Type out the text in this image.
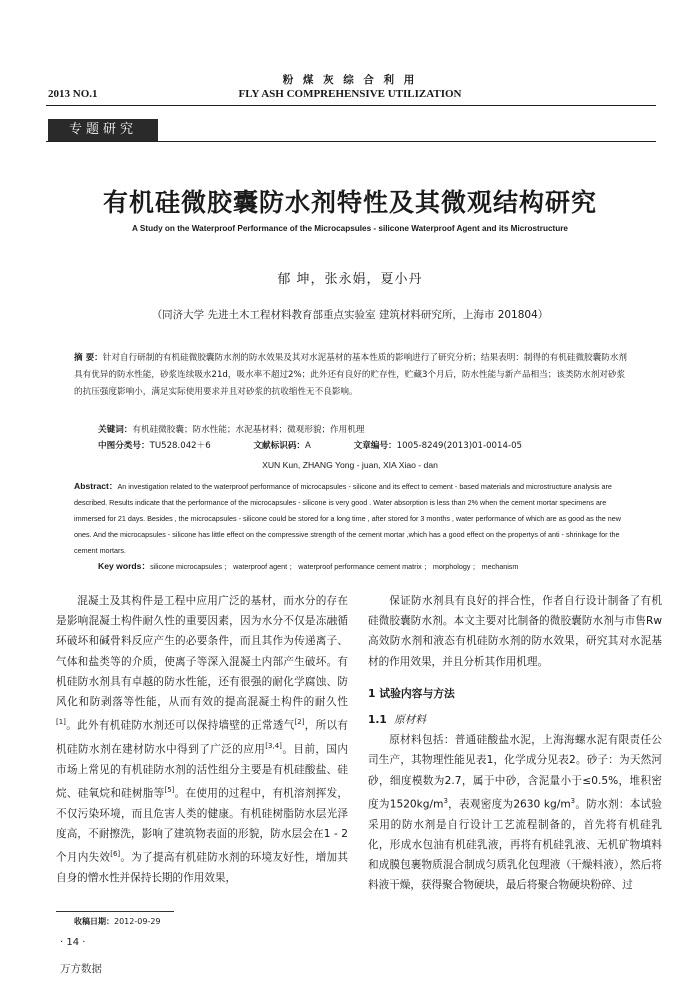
粉 煤 灰 综 合 利 用
2013 NO.1	FLY ASH COMPREHENSIVE UTILIZATION
专题研究
有机硅微胶囊防水剂特性及其微观结构研究
A Study on the Waterproof Performance of the Microcapsules - silicone Waterproof Agent and its Microstructure
郁 坤，张永娟，夏小丹
（同济大学 先进土木工程材料教育部重点实验室 建筑材料研究所，上海市 201804）
摘 要：针对自行研制的有机硅微胶囊防水剂的防水效果及其对水泥基材的基本性质的影响进行了研究分析；结果表明：制得的有机硅微胶囊防水剂具有优异的防水性能，砂浆连续吸水21d，吸水率不超过2%；此外还有良好的贮存性，贮藏3个月后，防水性能与新产品相当；该类防水剂对砂浆的抗压强度影响小，满足实际使用要求并且对砂浆的抗收缩性无不良影响。
关键词：有机硅微胶囊；防水性能；水泥基材料；微观形貌；作用机理
中图分类号：TU528.042＋6	文献标识码：A	文章编号：1005-8249(2013)01-0014-05
XUN Kun, ZHANG Yong - juan, XIA Xiao - dan
Abstract：An investigation related to the waterproof performance of microcapsules - silicone and its effect to cement - based materials and microstructure analysis are described. Results indicate that the performance of the microcapsules - silicone is very good . Water absorption is less than 2% when the cement mortar specimens are immersed for 21 days. Besides , the microcapsules - silicone could be stored for a long time , after stored for 3 months , water performance of which are as good as the new ones. And the microcapsules - silicone has little effect on the compressive strength of the cement mortar ,which has a good effect on the propertys of anti - shrinkage for the cement mortars.
Key words：silicone microcapsules ； waterproof agent ； waterproof performance cement matrix ； morphology ； mechanism

混凝土及其构件是工程中应用广泛的基材，而水分的存在是影响混凝土构件耐久性的重要因素，因为水分不仅是冻融循环破坏和碱骨料反应产生的必要条件，而且其作为传递离子、气体和盐类等的介质，使离子等深入混凝土内部产生破坏。有机硅防水剂具有卓越的防水性能，还有很强的耐化学腐蚀、防风化和防剥落等性能，从而有效的提高混凝土构件的耐久性[1]。此外有机硅防水剂还可以保持墙壁的正常透气[2]，所以有机硅防水剂在建材防水中得到了广泛的应用[3,4]。目前，国内市场上常见的有机硅防水剂的活性组分主要是有机硅酸盐、硅烷、硅氧烷和硅树脂等[5]。在使用的过程中，有机溶剂挥发，不仅污染环境，而且危害人类的健康。有机硅树脂防水层光泽度高，不耐擦洗，影响了建筑物表面的形貌，防水层会在1 - 2个月内失效[6]。为了提高有机硅防水剂的环境友好性，增加其自身的憎水性并保持长期的作用效果，

保证防水剂具有良好的拌合性，作者自行设计制备了有机硅微胶囊防水剂。本文主要对比制备的微胶囊防水剂与市售Rw高效防水剂和液态有机硅防水剂的防水效果，研究其对水泥基材的作用效果，并且分析其作用机理。

1 试验内容与方法
1.1 原材料

原材料包括：普通硅酸盐水泥，上海海螺水泥有限责任公司生产，其物理性能见表1，化学成分见表2。砂子：为天然河砂，细度模数为2.7，属于中砂，含泥量小于≤0.5%，堆积密度为$1520kg/m^3$，表观密度为2630 $kg/m^3$。防水剂：本试验采用的防水剂是自行设计工艺流程制备的，首先将有机硅乳化，形成水包油有机硅乳液，再将有机硅乳液、无机矿物填料和成膜包裹物质混合制成匀质乳化包理液（干燥料液），然后将料液干燥，获得聚合物硬块，最后将聚合物硬块粉碎、过

收稿日期：2012-09-29
· 14 ·
万方数据
